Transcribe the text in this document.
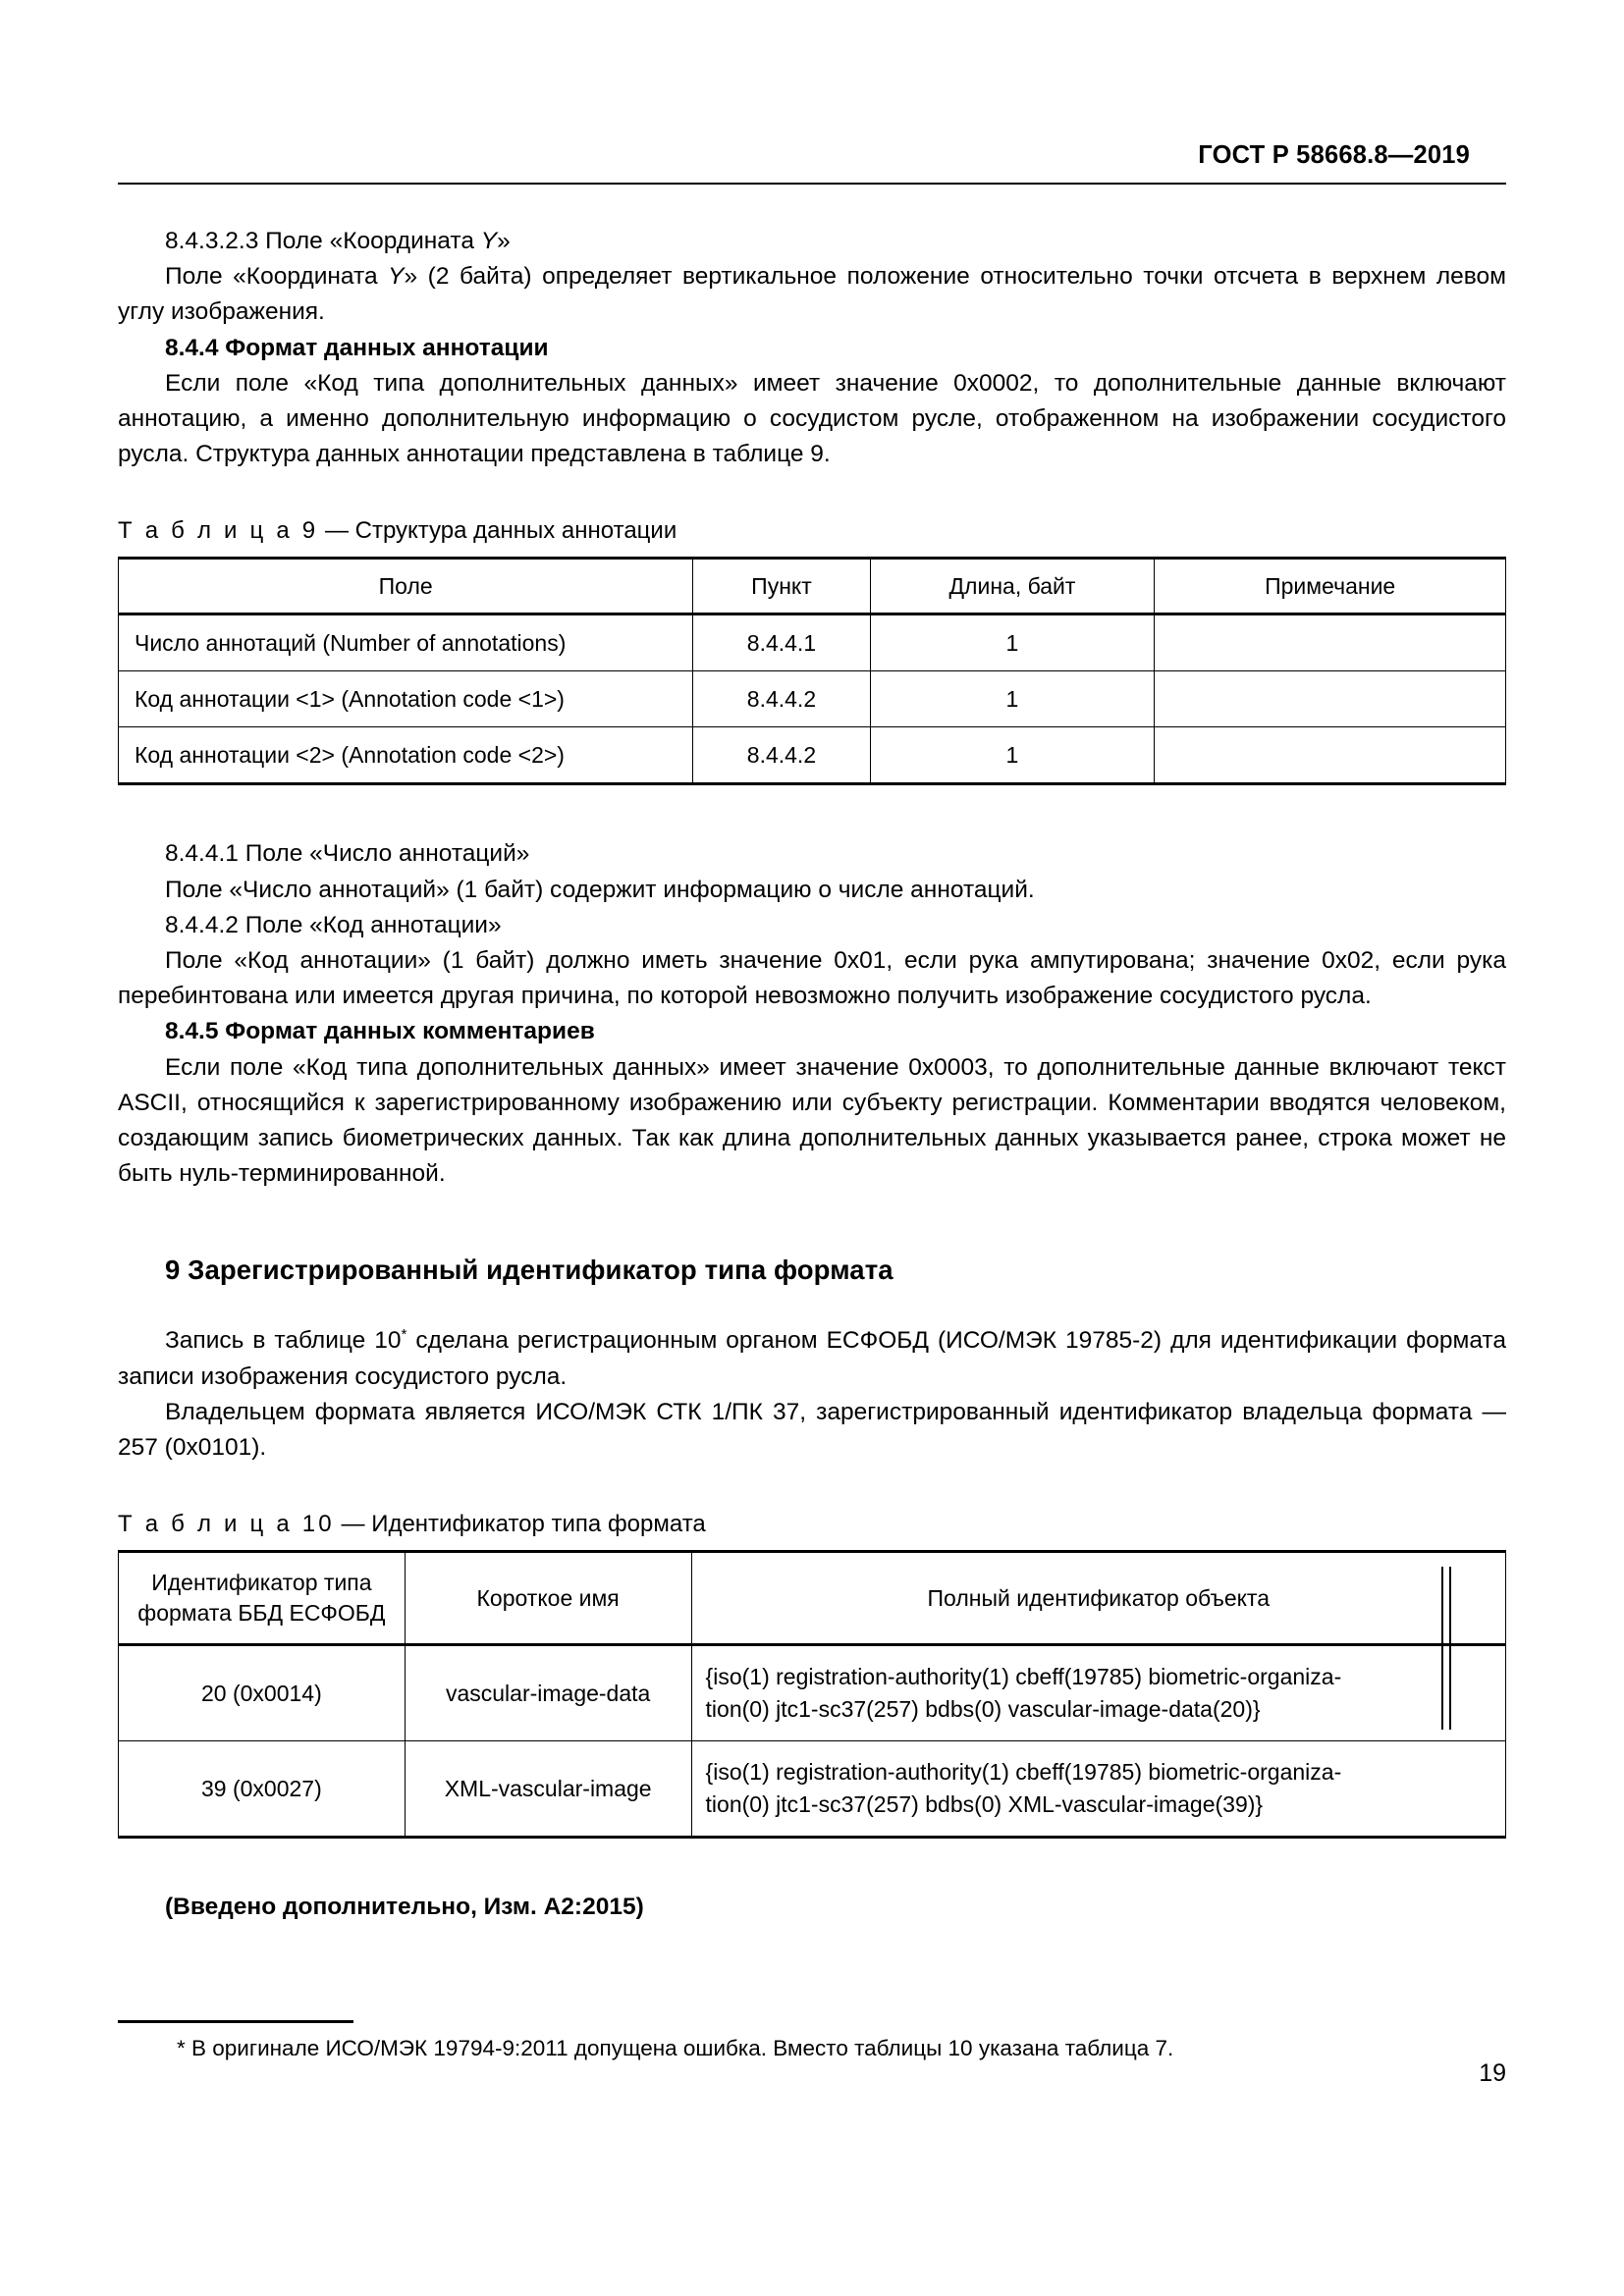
ГОСТ Р 58668.8—2019

8.4.3.2.3 Поле «Координата Y»

Поле «Координата Y» (2 байта) определяет вертикальное положение относительно точки отсчета в верхнем левом углу изображения.

8.4.4 Формат данных аннотации

Если поле «Код типа дополнительных данных» имеет значение 0x0002, то дополнительные данные включают аннотацию, а именно дополнительную информацию о сосудистом русле, отображенном на изображении сосудистого русла. Структура данных аннотации представлена в таблице 9.

Т а б л и ц а 9 — Структура данных аннотации
Поле	Пункт	Длина, байт	Примечание
Число аннотаций (Number of annotations)	8.4.4.1	1	
Код аннотации <1> (Annotation code <1>)	8.4.4.2	1	
Код аннотации <2> (Annotation code <2>)	8.4.4.2	1	

8.4.4.1 Поле «Число аннотаций»

Поле «Число аннотаций» (1 байт) содержит информацию о числе аннотаций.

8.4.4.2 Поле «Код аннотации»

Поле «Код аннотации» (1 байт) должно иметь значение 0x01, если рука ампутирована; значение 0x02, если рука перебинтована или имеется другая причина, по которой невозможно получить изображение сосудистого русла.

8.4.5 Формат данных комментариев

Если поле «Код типа дополнительных данных» имеет значение 0x0003, то дополнительные данные включают текст ASCII, относящийся к зарегистрированному изображению или субъекту регистрации. Комментарии вводятся человеком, создающим запись биометрических данных. Так как длина дополнительных данных указывается ранее, строка может не быть нуль-терминированной.

9 Зарегистрированный идентификатор типа формата

Запись в таблице 10* сделана регистрационным органом ЕСФОБД (ИСО/МЭК 19785-2) для идентификации формата записи изображения сосудистого русла.

Владельцем формата является ИСО/МЭК СТК 1/ПК 37, зарегистрированный идентификатор владельца формата — 257 (0x0101).

Т а б л и ц а 10 — Идентификатор типа формата
Идентификатор типа
формата ББД ЕСФОБД	Короткое имя	Полный идентификатор объекта
20 (0x0014)	vascular-image-data	{iso(1) registration-authority(1) cbeff(19785) biometric-organiza-
tion(0) jtc1-sc37(257) bdbs(0) vascular-image-data(20)}

39 (0x0027)	XML-vascular-image	{iso(1) registration-authority(1) cbeff(19785) biometric-organiza-
tion(0) jtc1-sc37(257) bdbs(0) XML-vascular-image(39)}

(Введено дополнительно, Изм. A2:2015)

* В оригинале ИСО/МЭК 19794-9:2011 допущена ошибка. Вместо таблицы 10 указана таблица 7.
19
